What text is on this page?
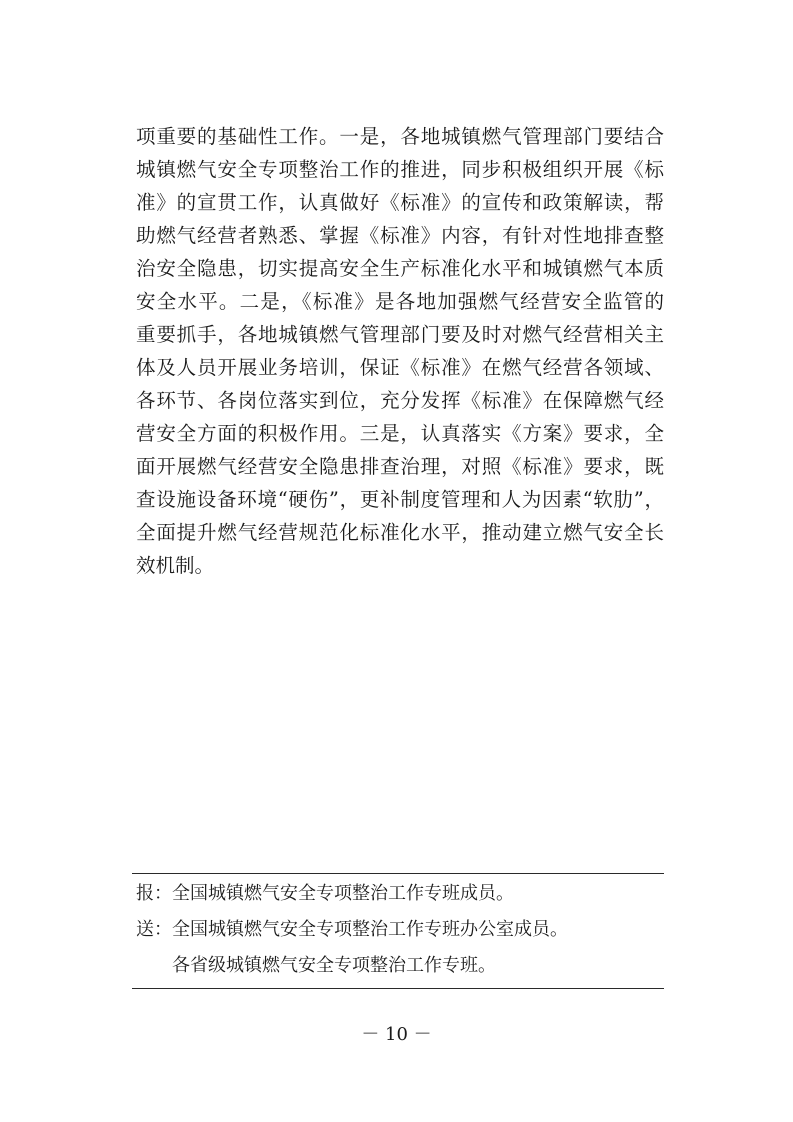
项重要的基础性工作。一是，各地城镇燃气管理部门要结合
城镇燃气安全专项整治工作的推进，同步积极组织开展《标
准》的宣贯工作，认真做好《标准》的宣传和政策解读，帮
助燃气经营者熟悉、掌握《标准》内容，有针对性地排查整
治安全隐患，切实提高安全生产标准化水平和城镇燃气本质
安全水平。二是，《标准》是各地加强燃气经营安全监管的
重要抓手，各地城镇燃气管理部门要及时对燃气经营相关主
体及人员开展业务培训，保证《标准》在燃气经营各领域、
各环节、各岗位落实到位，充分发挥《标准》在保障燃气经
营安全方面的积极作用。三是，认真落实《方案》要求，全
面开展燃气经营安全隐患排查治理，对照《标准》要求，既
查设施设备环境“硬伤”，更补制度管理和人为因素“软肋”，
全面提升燃气经营规范化标准化水平，推动建立燃气安全长
效机制。
报：全国城镇燃气安全专项整治工作专班成员。
送：全国城镇燃气安全专项整治工作专班办公室成员。
各省级城镇燃气安全专项整治工作专班。
－ 10 －
